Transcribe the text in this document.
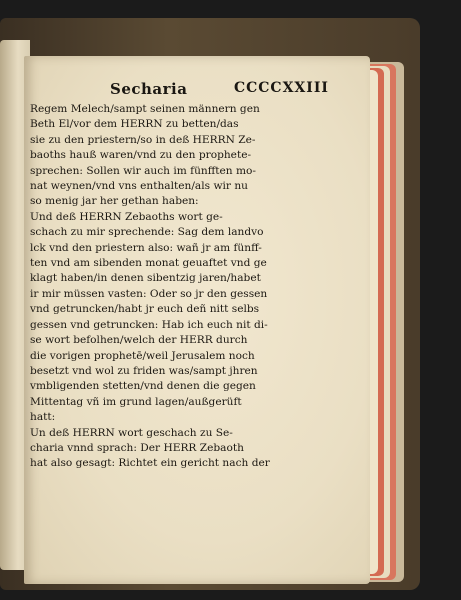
Secharia	CCCCXXIII
Regem Melech/sampt seinen männern gen
Beth El/vor dem HERRN zu betten/das
sie zu den priestern/so in deß HERRN Ze-
baoths hauß waren/vnd zu den prophete-
sprechen: Sollen wir auch im fünfften mo-
nat weynen/vnd vns enthalten/als wir nu
so menig jar her gethan haben:
Und deß HERRN Zebaoths wort ge-
schach zu mir sprechende: Sag dem landvo
lck vnd den priestern also: wañ jr am fünff-
ten vnd am sibenden monat geuaftet vnd ge
klagt haben/in denen sibentzig jaren/habet
ir mir müssen vasten: Oder so jr den gessen
vnd getruncken/habt jr euch deñ nitt selbs
gessen vnd getruncken: Hab ich euch nit di-
se wort befolhen/welch der HERR durch
die vorigen prophetē/weil Jerusalem noch
besetzt vnd wol zu friden was/sampt jhren
vmbligenden stetten/vnd denen die gegen
Mittentag vñ im grund lagen/außgerüft
hatt:
Un deß HERRN wort geschach zu Se-
charia vnnd sprach: Der HERR Zebaoth
hat also gesagt: Richtet ein gericht nach der
